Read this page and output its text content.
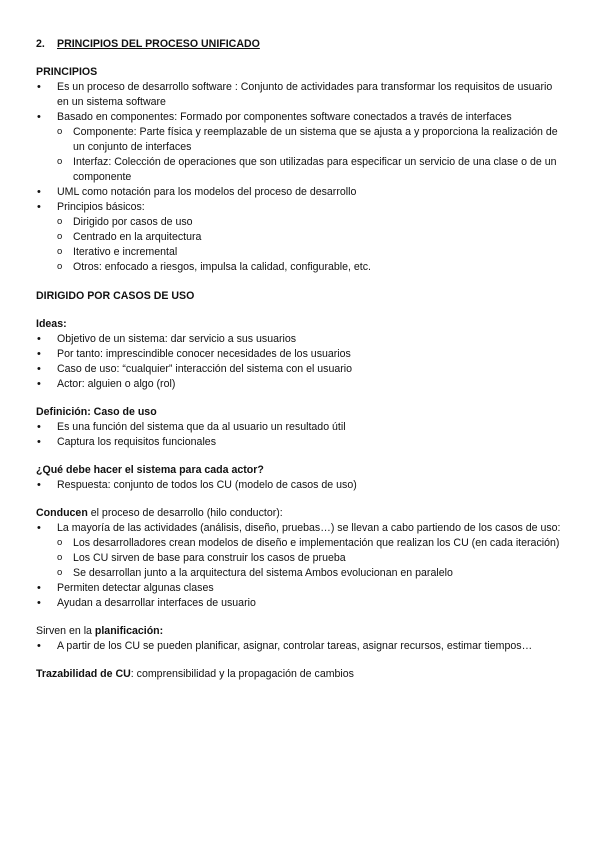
2.	PRINCIPIOS DEL PROCESO UNIFICADO
PRINCIPIOS
• Es un proceso de desarrollo software : Conjunto de actividades para transformar los requisitos de usuario en un sistema software
• Basado en componentes: Formado por componentes software conectados a través de interfaces
o Componente: Parte física y reemplazable de un sistema que se ajusta a y proporciona la realización de un conjunto de interfaces
o Interfaz: Colección de operaciones que son utilizadas para especificar un servicio de una clase o de un componente
• UML como notación para los modelos del proceso de desarrollo
• Principios básicos:
o Dirigido por casos de uso
o Centrado en la arquitectura
o Iterativo e incremental
o Otros: enfocado a riesgos, impulsa la calidad, configurable, etc.
DIRIGIDO POR CASOS DE USO
Ideas:
• Objetivo de un sistema: dar servicio a sus usuarios
• Por tanto: imprescindible conocer necesidades de los usuarios
• Caso de uso: “cualquier” interacción del sistema con el usuario
• Actor: alguien o algo (rol)
Definición: Caso de uso
• Es una función del sistema que da al usuario un resultado útil
• Captura los requisitos funcionales
¿Qué debe hacer el sistema para cada actor?
• Respuesta: conjunto de todos los CU (modelo de casos de uso)
Conducen el proceso de desarrollo (hilo conductor):
• La mayoría de las actividades (análisis, diseño, pruebas…) se llevan a cabo partiendo de los casos de uso:
o Los desarrolladores crean modelos de diseño e implementación que realizan los CU (en cada iteración)
o Los CU sirven de base para construir los casos de prueba
o Se desarrollan junto a la arquitectura del sistema Ambos evolucionan en paralelo
• Permiten detectar algunas clases
• Ayudan a desarrollar interfaces de usuario
Sirven en la planificación:
• A partir de los CU se pueden planificar, asignar, controlar tareas, asignar recursos, estimar tiempos…
Trazabilidad de CU: comprensibilidad y la propagación de cambios
